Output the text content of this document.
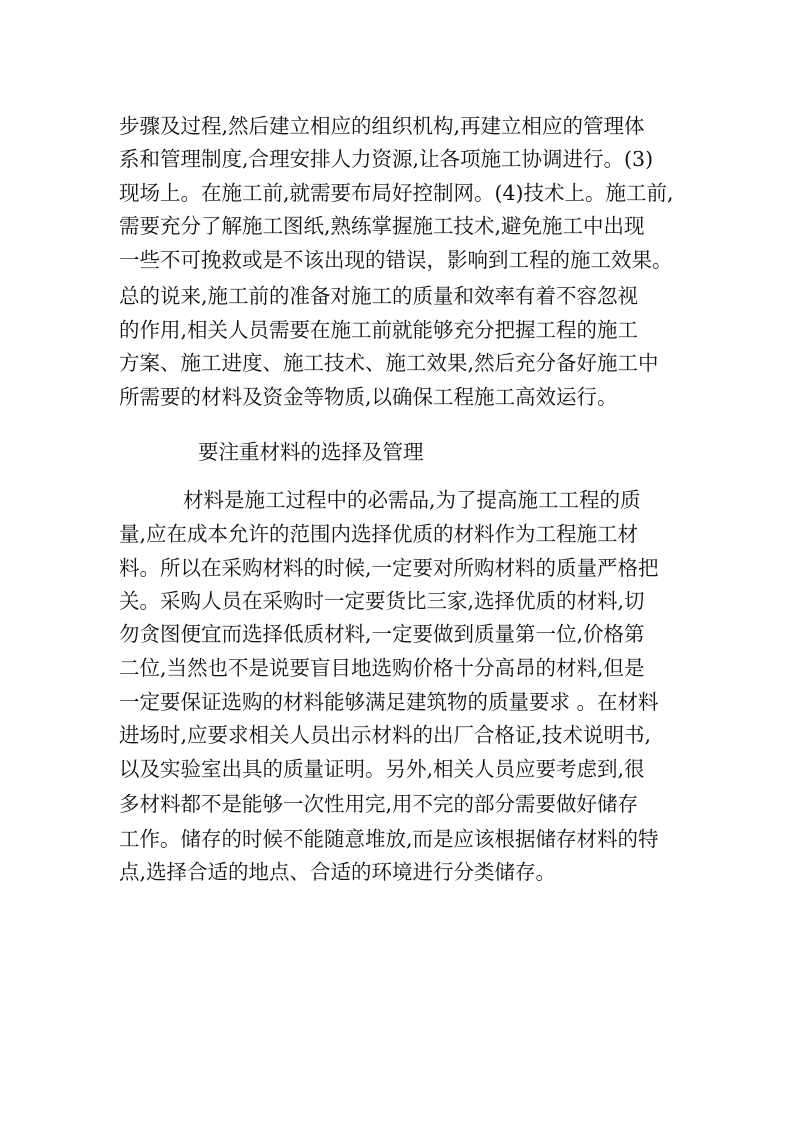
步骤及过程,然后建立相应的组织机构,再建立相应的管理体
系和管理制度,合理安排人力资源,让各项施工协调进行。(3)
现场上。在施工前,就需要布局好控制网。(4)技术上。施工前,
需要充分了解施工图纸,熟练掌握施工技术,避免施工中出现
一些不可挽救或是不该出现的错误，影响到工程的施工效果。
总的说来,施工前的准备对施工的质量和效率有着不容忽视
的作用,相关人员需要在施工前就能够充分把握工程的施工
方案、施工进度、施工技术、施工效果,然后充分备好施工中
所需要的材料及资金等物质,以确保工程施工高效运行。
要注重材料的选择及管理
材料是施工过程中的必需品,为了提高施工工程的质
量,应在成本允许的范围内选择优质的材料作为工程施工材
料。所以在采购材料的时候,一定要对所购材料的质量严格把
关。采购人员在采购时一定要货比三家,选择优质的材料,切
勿贪图便宜而选择低质材料,一定要做到质量第一位,价格第
二位,当然也不是说要盲目地选购价格十分高昂的材料,但是
一定要保证选购的材料能够满足建筑物的质量要求 。在材料
进场时,应要求相关人员出示材料的出厂合格证,技术说明书,
以及实验室出具的质量证明。另外,相关人员应要考虑到,很
多材料都不是能够一次性用完,用不完的部分需要做好储存
工作。储存的时候不能随意堆放,而是应该根据储存材料的特
点,选择合适的地点、合适的环境进行分类储存。
